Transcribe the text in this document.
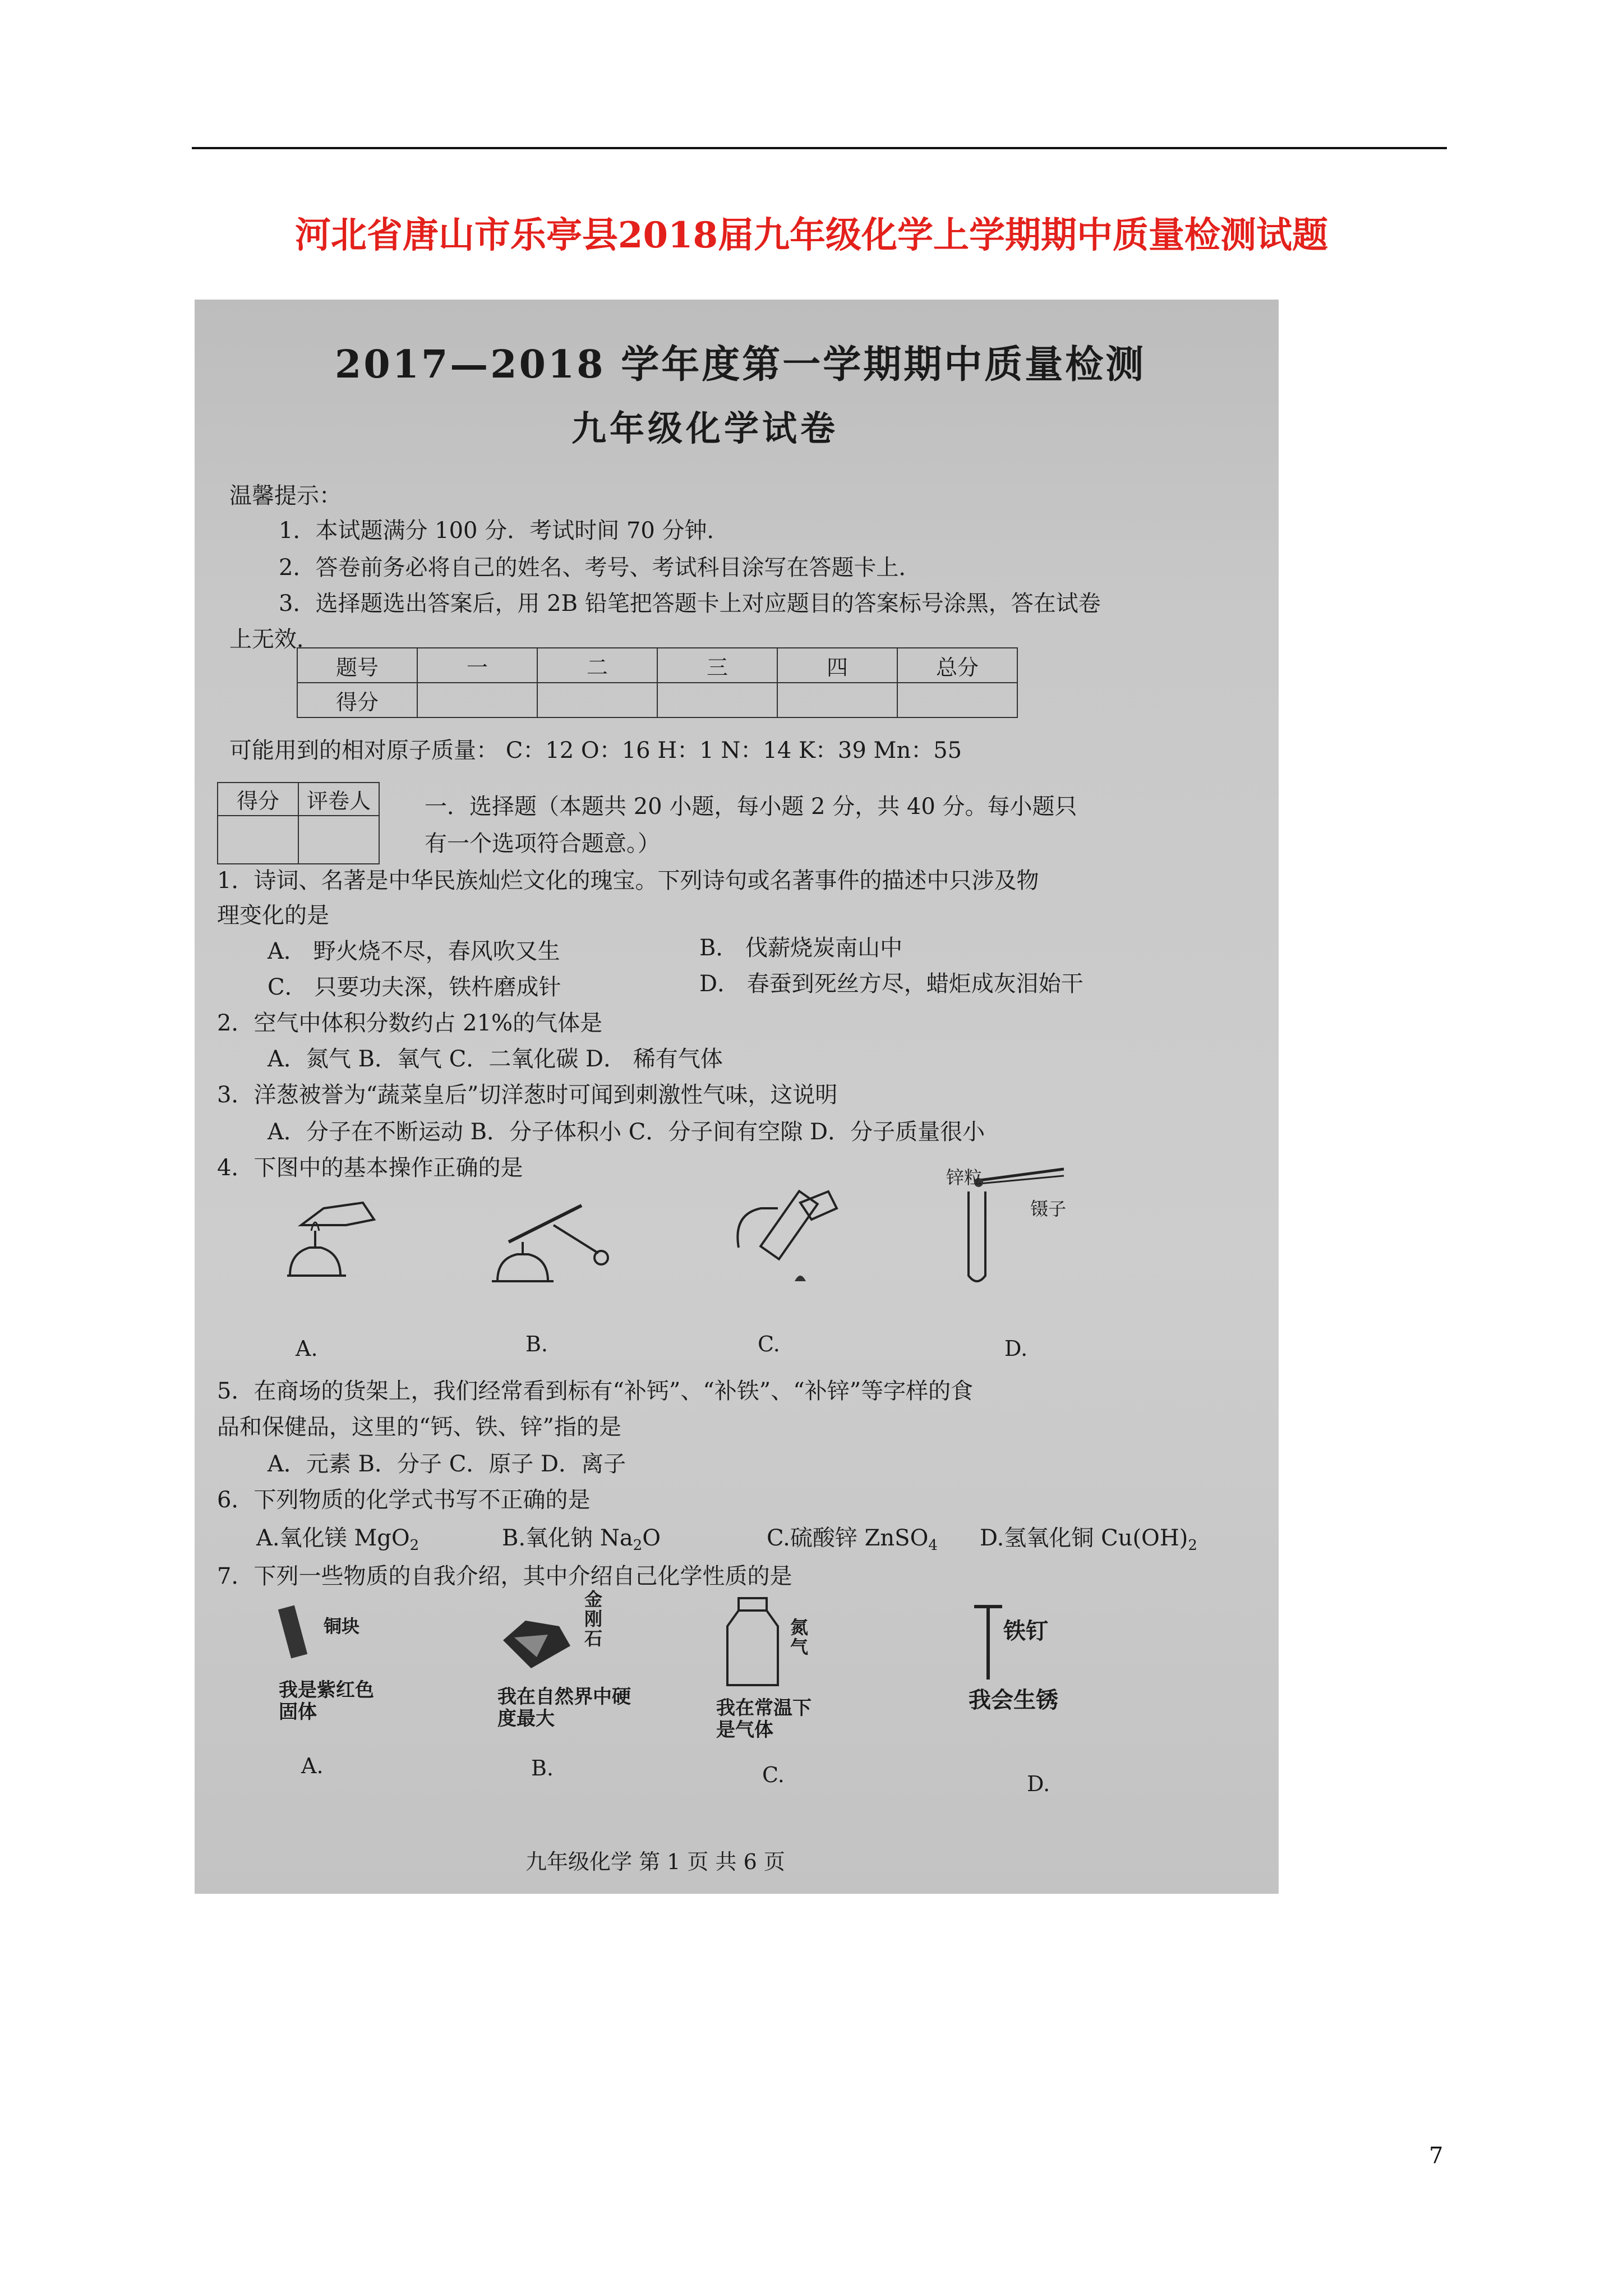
河北省唐山市乐亭县2018届九年级化学上学期期中质量检测试题
2017—2018 学年度第一学期期中质量检测
九年级化学试卷
温馨提示：
1．本试题满分 100 分．考试时间 70 分钟．
2．答卷前务必将自己的姓名、考号、考试科目涂写在答题卡上．
3．选择题选出答案后，用 2B 铅笔把答题卡上对应题目的答案标号涂黑，答在试卷
上无效．
题号	一	二	三	四	总分
得分					
可能用到的相对原子质量： C：12 O：16 H：1 N：14 K：39 Mn：55
得分	评卷人
	一．选择题（本题共 20 小题，每小题 2 分，共 40 分。每小题只
有一个选项符合题意。）
1．诗词、名著是中华民族灿烂文化的瑰宝。下列诗句或名著事件的描述中只涉及物
理变化的是
A． 野火烧不尽，春风吹又生	B． 伐薪烧炭南山中
C． 只要功夫深，铁杵磨成针	D． 春蚕到死丝方尽，蜡炬成灰泪始干
2．空气中体积分数约占 21%的气体是
A．氮气 B．氧气 C．二氧化碳 D． 稀有气体
3．洋葱被誉为“蔬菜皇后”切洋葱时可闻到刺激性气味，这说明
A．分子在不断运动 B．分子体积小 C．分子间有空隙 D．分子质量很小
4．下图中的基本操作正确的是	锌粒
镊子
A.	B.	C.	D.
5．在商场的货架上，我们经常看到标有“补钙”、“补铁”、“补锌”等字样的食
品和保健品，这里的“钙、铁、锌”指的是
A．元素 B．分子 C．原子 D．离子
6．下列物质的化学式书写不正确的是
A.氧化镁 MgO$_2$	B.氧化钠 $Na_2O$	C.硫酸锌 ZnSO$_4$ D.氢氧化铜 $Cu(OH)_2$
7．下列一些物质的自我介绍，其中介绍自己化学性质的是
铜块
我是紫红色固体
金刚石
我在自然界中硬度最大
氮气
我在常温下是气体
铁钉
我会生锈
A.	B.	C.	D.
九年级化学 第 1 页 共 6 页
7
